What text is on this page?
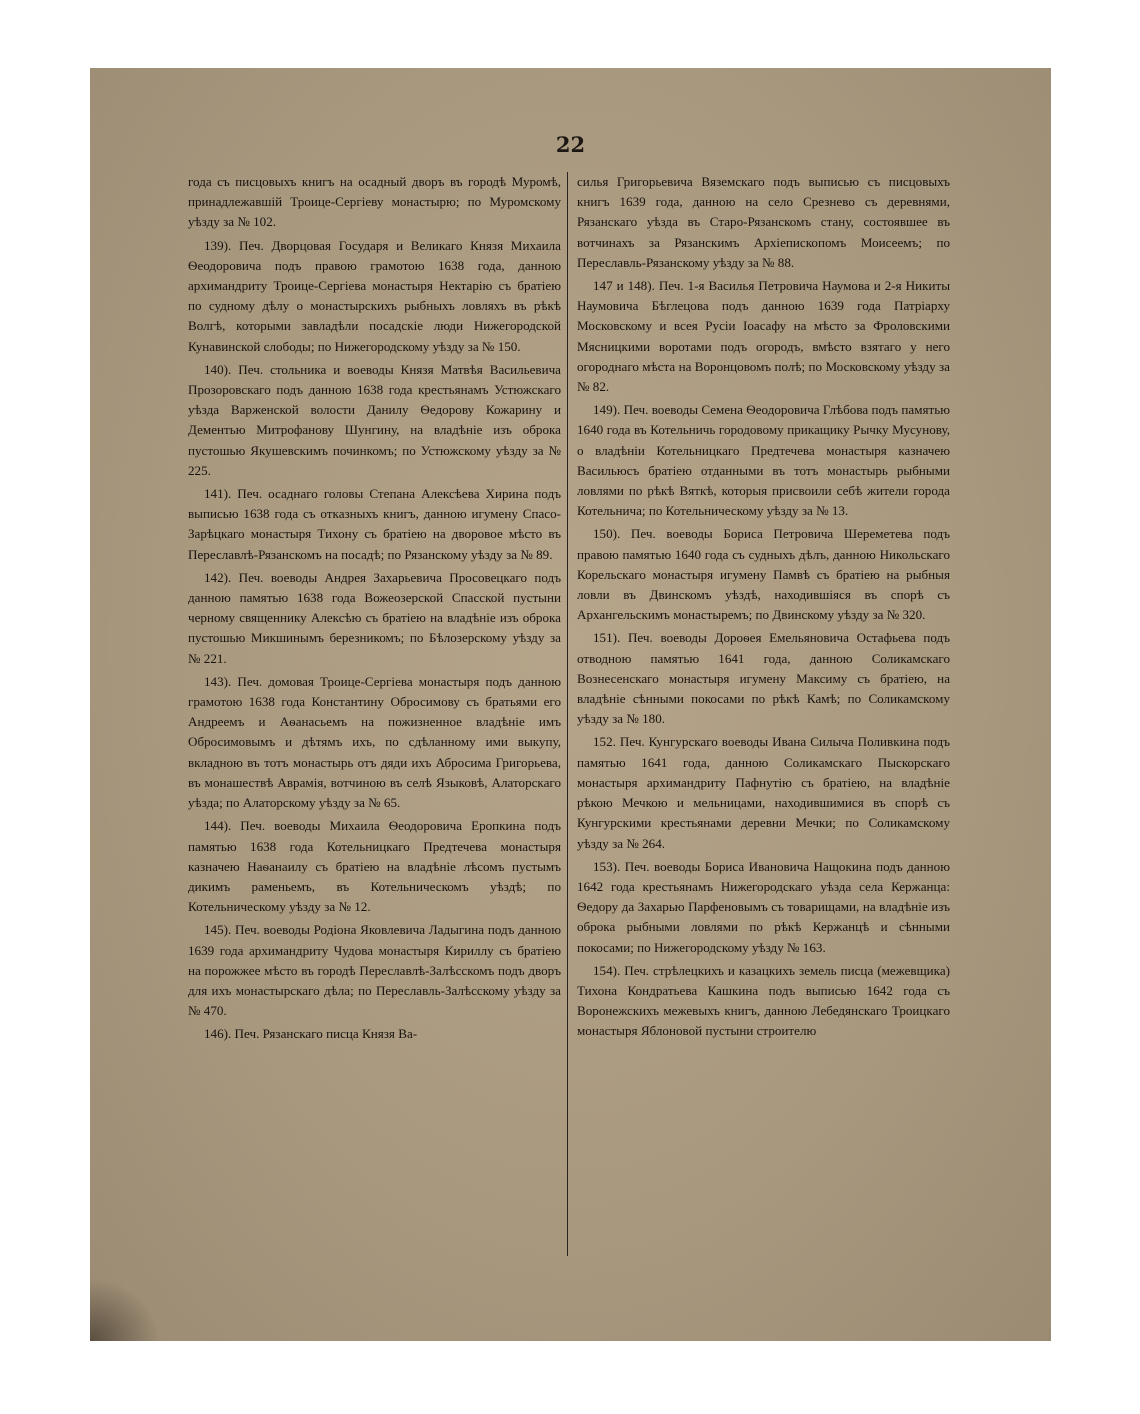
22

года съ писцовыхъ книгъ на осадный дворъ въ городѣ Муромѣ, принадлежавшій Троице-Сергіеву монастырю; по Муромскому уѣзду за № 102.

139). Печ. Дворцовая Государя и Великаго Князя Михаила Ѳеодоровича подъ правою грамотою 1638 года, данною архимандриту Троице-Сергіева монастыря Нектарію съ братіею по судному дѣлу о монастырскихъ рыбныхъ ловляхъ въ рѣкѣ Волгѣ, которыми завладѣли посадскіе люди Нижегородской Кунавинской слободы; по Нижегородскому уѣзду за № 150.

140). Печ. стольника и воеводы Князя Матвѣя Васильевича Прозоровскаго подъ данною 1638 года крестьянамъ Устюжскаго уѣзда Варженской волости Данилу Ѳедорову Кожарину и Дементью Митрофанову Шунгину, на владѣніе изъ оброка пустошью Якушевскимъ починкомъ; по Устюжскому уѣзду за № 225.

141). Печ. осаднаго головы Степана Алексѣева Хирина подъ выписью 1638 года съ отказныхъ книгъ, данною игумену Спасо-Зарѣцкаго монастыря Тихону съ братіею на дворовое мѣсто въ Переславлѣ-Рязанскомъ на посадѣ; по Рязанскому уѣзду за № 89.

142). Печ. воеводы Андрея Захарьевича Просовецкаго подъ данною памятью 1638 года Вожеозерской Спасской пустыни черному священнику Алексѣю съ братіею на владѣніе изъ оброка пустошью Микшинымъ березникомъ; по Бѣлозерскому уѣзду за № 221.

143). Печ. домовая Троице-Сергіева монастыря подъ данною грамотою 1638 года Константину Обросимову съ братьями его Андреемъ и Аѳанасьемъ на пожизненное владѣніе имъ Обросимовымъ и дѣтямъ ихъ, по сдѣланному ими выкупу, вкладною въ тотъ монастырь отъ дяди ихъ Абросима Григорьева, въ монашествѣ Аврамія, вотчиною въ селѣ Языковѣ, Алаторскаго уѣзда; по Алаторскому уѣзду за № 65.

144). Печ. воеводы Михаила Ѳеодоровича Еропкина подъ памятью 1638 года Котельницкаго Предтечева монастыря казначею Наѳанаилу съ братіею на владѣніе лѣсомъ пустымъ дикимъ раменьемъ, въ Котельническомъ уѣздѣ; по Котельническому уѣзду за № 12.

145). Печ. воеводы Родіона Яковлевича Ладыгина подъ данною 1639 года архимандриту Чудова монастыря Кириллу съ братіею на порожжее мѣсто въ городѣ Переславлѣ-Залѣсскомъ подъ дворъ для ихъ монастырскаго дѣла; по Переславль-Залѣсскому уѣзду за № 470.

146). Печ. Рязанскаго писца Князя Ва-

силья Григорьевича Вяземскаго подъ выписью съ писцовыхъ книгъ 1639 года, данною на село Срезнево съ деревнями, Рязанскаго уѣзда въ Старо-Рязанскомъ стану, состоявшее въ вотчинахъ за Рязанскимъ Архіепископомъ Моисеемъ; по Переславль-Рязанскому уѣзду за № 88.

147 и 148). Печ. 1-я Василья Петровича Наумова и 2-я Никиты Наумовича Бѣглецова подъ данною 1639 года Патріарху Московскому и всея Русіи Іоасафу на мѣсто за Фроловскими Мясницкими воротами подъ огородъ, вмѣсто взятаго у него огороднаго мѣста на Воронцовомъ полѣ; по Московскому уѣзду за № 82.

149). Печ. воеводы Семена Ѳеодоровича Глѣбова подъ памятью 1640 года въ Котельничь городовому прикащику Рычку Мусунову, о владѣніи Котельницкаго Предтечева монастыря казначею Васильюсъ братіею отданными въ тотъ монастырь рыбными ловлями по рѣкѣ Вяткѣ, которыя присвоили себѣ жители города Котельнича; по Котельническому уѣзду за № 13.

150). Печ. воеводы Бориса Петровича Шереметева подъ правою памятью 1640 года съ судныхъ дѣлъ, данною Никольскаго Корельскаго монастыря игумену Памвѣ съ братіею на рыбныя ловли въ Двинскомъ уѣздѣ, находившіяся въ спорѣ съ Архангельскимъ монастыремъ; по Двинскому уѣзду за № 320.

151). Печ. воеводы Дороѳея Емельяновича Остафьева подъ отводною памятью 1641 года, данною Соликамскаго Вознесенскаго монастыря игумену Максиму съ братіею, на владѣніе сѣнными покосами по рѣкѣ Камѣ; по Соликамскому уѣзду за № 180.

152. Печ. Кунгурскаго воеводы Ивана Силыча Поливкина подъ памятью 1641 года, данною Соликамскаго Пыскорскаго монастыря архимандриту Пафнутію съ братіею, на владѣніе рѣкою Мечкою и мельницами, находившимися въ спорѣ съ Кунгурскими крестьянами деревни Мечки; по Соликамскому уѣзду за № 264.

153). Печ. воеводы Бориса Ивановича Нащокина подъ данною 1642 года крестьянамъ Нижегородскаго уѣзда села Кержанца: Ѳедору да Захарью Парфеновымъ съ товарищами, на владѣніе изъ оброка рыбными ловлями по рѣкѣ Кержанцѣ и сѣнными покосами; по Нижегородскому уѣзду № 163.

154). Печ. стрѣлецкихъ и казацкихъ земель писца (межевщика) Тихона Кондратьева Кашкина подъ выписью 1642 года съ Воронежскихъ межевыхъ книгъ, данною Лебедянскаго Троицкаго монастыря Яблоновой пустыни строителю
